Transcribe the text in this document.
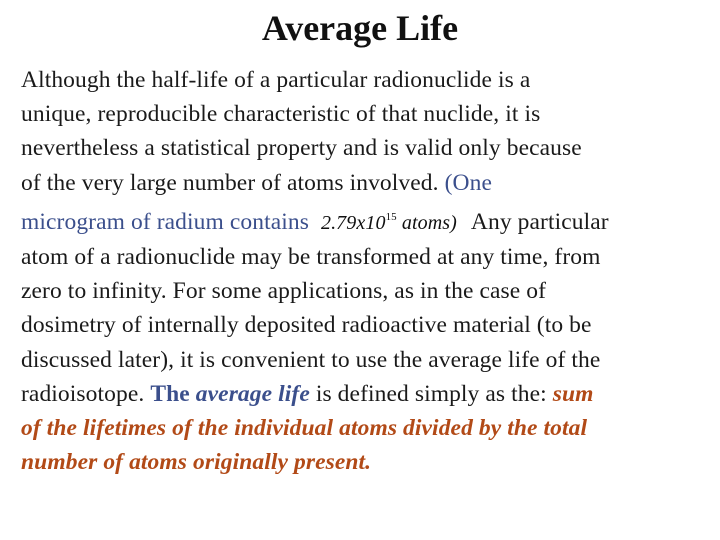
Average Life
Although the half-life of a particular radionuclide is a
unique, reproducible characteristic of that nuclide, it is
nevertheless a statistical property and is valid only because
of the very large number of atoms involved. (One
microgram of radium contains $2.79x10^{15}$ atoms) Any particular
atom of a radionuclide may be transformed at any time, from
zero to infinity. For some applications, as in the case of
dosimetry of internally deposited radioactive material (to be
discussed later), it is convenient to use the average life of the
radioisotope. The average life is defined simply as the: sum
of the lifetimes of the individual atoms divided by the total
number of atoms originally present.
